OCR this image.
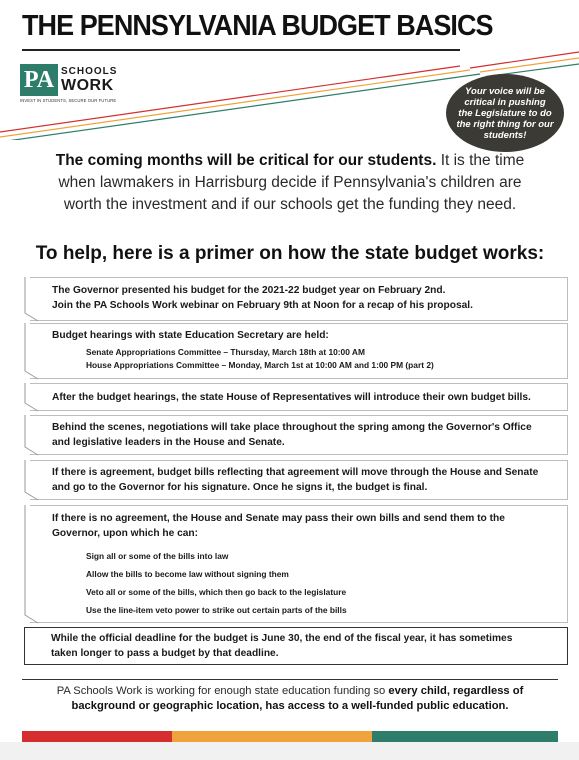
THE PENNSYLVANIA BUDGET BASICS
PA SCHOOLS
WORK
INVEST IN STUDENTS, SECURE OUR FUTURE
Your voice will be critical in pushing the Legislature to do the right thing for our students!
The coming months will be critical for our students. It is the time when lawmakers in Harrisburg decide if Pennsylvania's children are worth the investment and if our schools get the funding they need.
To help, here is a primer on how the state budget works:
The Governor presented his budget for the 2021-22 budget year on February 2nd.
Join the PA Schools Work webinar on February 9th at Noon for a recap of his proposal.
Budget hearings with state Education Secretary are held:
Senate Appropriations Committee – Thursday, March 18th at 10:00 AM
House Appropriations Committee – Monday, March 1st at 10:00 AM and 1:00 PM (part 2)
After the budget hearings, the state House of Representatives will introduce their own budget bills.
Behind the scenes, negotiations will take place throughout the spring among the Governor's Office
and legislative leaders in the House and Senate.
If there is agreement, budget bills reflecting that agreement will move through the House and Senate
and go to the Governor for his signature. Once he signs it, the budget is final.
If there is no agreement, the House and Senate may pass their own bills and send them to the
Governor, upon which he can:
Sign all or some of the bills into law
Allow the bills to become law without signing them
Veto all or some of the bills, which then go back to the legislature
Use the line-item veto power to strike out certain parts of the bills
While the official deadline for the budget is June 30, the end of the fiscal year, it has sometimes
taken longer to pass a budget by that deadline.
PA Schools Work is working for enough state education funding so every child, regardless of background or geographic location, has access to a well-funded public education.
